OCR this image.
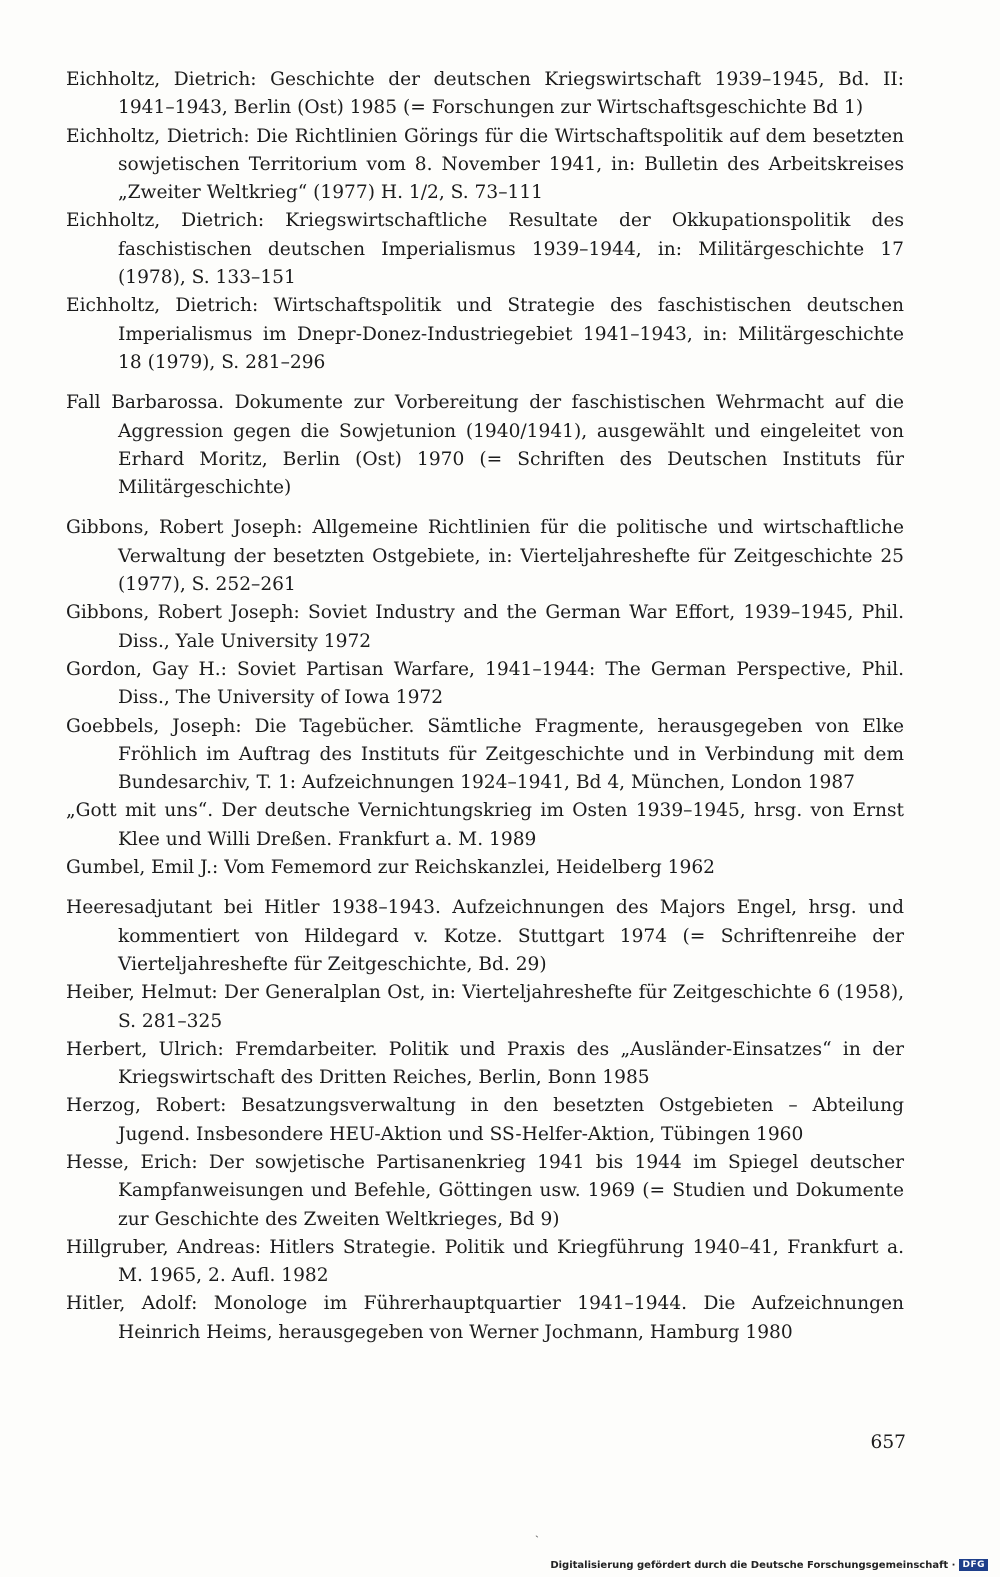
Eichholtz, Dietrich: Geschichte der deutschen Kriegswirtschaft 1939–1945, Bd. II: 1941–1943, Berlin (Ost) 1985 (= Forschungen zur Wirtschaftsgeschichte Bd 1)

Eichholtz, Dietrich: Die Richtlinien Görings für die Wirtschaftspolitik auf dem besetzten sowjetischen Territorium vom 8. November 1941, in: Bulletin des Arbeitskreises „Zweiter Weltkrieg“ (1977) H. 1/2, S. 73–111

Eichholtz, Dietrich: Kriegswirtschaftliche Resultate der Okkupationspolitik des faschistischen deutschen Imperialismus 1939–1944, in: Militärgeschichte 17 (1978), S. 133–151

Eichholtz, Dietrich: Wirtschaftspolitik und Strategie des faschistischen deutschen Imperialismus im Dnepr-Donez-Industriegebiet 1941–1943, in: Militärgeschichte 18 (1979), S. 281–296

Fall Barbarossa. Dokumente zur Vorbereitung der faschistischen Wehrmacht auf die Aggression gegen die Sowjetunion (1940/1941), ausgewählt und eingeleitet von Erhard Moritz, Berlin (Ost) 1970 (= Schriften des Deutschen Instituts für Militärgeschichte)

Gibbons, Robert Joseph: Allgemeine Richtlinien für die politische und wirtschaftliche Verwaltung der besetzten Ostgebiete, in: Vierteljahreshefte für Zeitgeschichte 25 (1977), S. 252–261

Gibbons, Robert Joseph: Soviet Industry and the German War Effort, 1939–1945, Phil. Diss., Yale University 1972

Gordon, Gay H.: Soviet Partisan Warfare, 1941–1944: The German Perspective, Phil. Diss., The University of Iowa 1972

Goebbels, Joseph: Die Tagebücher. Sämtliche Fragmente, herausgegeben von Elke Fröhlich im Auftrag des Instituts für Zeitgeschichte und in Verbindung mit dem Bundesarchiv, T. 1: Aufzeichnungen 1924–1941, Bd 4, München, London 1987

„Gott mit uns“. Der deutsche Vernichtungskrieg im Osten 1939–1945, hrsg. von Ernst Klee und Willi Dreßen. Frankfurt a. M. 1989

Gumbel, Emil J.: Vom Fememord zur Reichskanzlei, Heidelberg 1962

Heeresadjutant bei Hitler 1938–1943. Aufzeichnungen des Majors Engel, hrsg. und kommentiert von Hildegard v. Kotze. Stuttgart 1974 (= Schriftenreihe der Vierteljahreshefte für Zeitgeschichte, Bd. 29)

Heiber, Helmut: Der Generalplan Ost, in: Vierteljahreshefte für Zeitgeschichte 6 (1958), S. 281–325

Herbert, Ulrich: Fremdarbeiter. Politik und Praxis des „Ausländer-Einsatzes“ in der Kriegswirtschaft des Dritten Reiches, Berlin, Bonn 1985

Herzog, Robert: Besatzungsverwaltung in den besetzten Ostgebieten – Abteilung Jugend. Insbesondere HEU-Aktion und SS-Helfer-Aktion, Tübingen 1960

Hesse, Erich: Der sowjetische Partisanenkrieg 1941 bis 1944 im Spiegel deutscher Kampfanweisungen und Befehle, Göttingen usw. 1969 (= Studien und Dokumente zur Geschichte des Zweiten Weltkrieges, Bd 9)

Hillgruber, Andreas: Hitlers Strategie. Politik und Kriegführung 1940–41, Frankfurt a. M. 1965, 2. Aufl. 1982

Hitler, Adolf: Monologe im Führerhauptquartier 1941–1944. Die Aufzeichnungen Heinrich Heims, herausgegeben von Werner Jochmann, Hamburg 1980

657
ˏ
Digitalisierung gefördert durch die Deutsche Forschungsgemeinschaft · DFG
